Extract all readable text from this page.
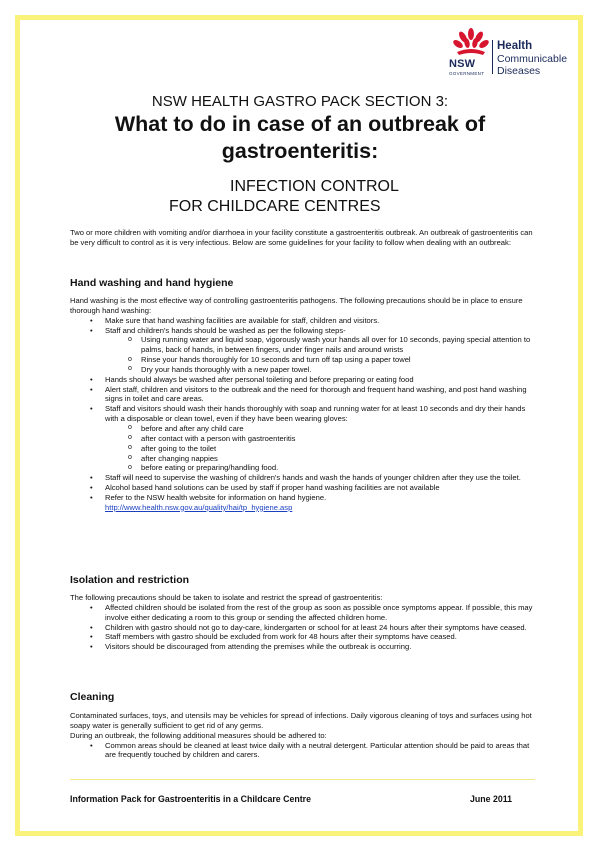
NSW
GOVERNMENT
Health
Communicable
Diseases
NSW HEALTH GASTRO PACK SECTION 3:
What to do in case of an outbreak of gastroenteritis:
INFECTION CONTROL
FOR CHILDCARE CENTRES
Two or more children with vomiting and/or diarrhoea in your facility constitute a gastroenteritis outbreak. An outbreak of gastroenteritis can be very difficult to control as it is very infectious. Below are some guidelines for your facility to follow when dealing with an outbreak:
Hand washing and hand hygiene

Hand washing is the most effective way of controlling gastroenteritis pathogens. The following precautions should be in place to ensure thorough hand washing:

• Make sure that hand washing facilities are available for staff, children and visitors.
• Staff and children's hands should be washed as per the following steps-
o Using running water and liquid soap, vigorously wash your hands all over for 10 seconds, paying special attention to palms, back of hands, in between fingers, under finger nails and around wrists
o Rinse your hands thoroughly for 10 seconds and turn off tap using a paper towel
o Dry your hands thoroughly with a new paper towel.
• Hands should always be washed after personal toileting and before preparing or eating food
• Alert staff, children and visitors to the outbreak and the need for thorough and frequent hand washing, and post hand washing signs in toilet and care areas.
• Staff and visitors should wash their hands thoroughly with soap and running water for at least 10 seconds and dry their hands with a disposable or clean towel, even if they have been wearing gloves:
o before and after any child care
o after contact with a person with gastroenteritis
o after going to the toilet
o after changing nappies
o before eating or preparing/handling food.
• Staff will need to supervise the washing of children's hands and wash the hands of younger children after they use the toilet.
• Alcohol based hand solutions can be used by staff if proper hand washing facilities are not available
• Refer to the NSW health website for information on hand hygiene.
http://www.health.nsw.gov.au/quality/hai/tp_hygiene.asp
Isolation and restriction

The following precautions should be taken to isolate and restrict the spread of gastroenteritis:

• Affected children should be isolated from the rest of the group as soon as possible once symptoms appear. If possible, this may involve either dedicating a room to this group or sending the affected children home.
• Children with gastro should not go to day-care, kindergarten or school for at least 24 hours after their symptoms have ceased.
• Staff members with gastro should be excluded from work for 48 hours after their symptoms have ceased.
• Visitors should be discouraged from attending the premises while the outbreak is occurring.
Cleaning

Contaminated surfaces, toys, and utensils may be vehicles for spread of infections. Daily vigorous cleaning of toys and surfaces using hot soapy water is generally sufficient to get rid of any germs.

During an outbreak, the following additional measures should be adhered to:

• Common areas should be cleaned at least twice daily with a neutral detergent. Particular attention should be paid to areas that are frequently touched by children and carers.
Information Pack for Gastroenteritis in a Childcare Centre	June 2011
